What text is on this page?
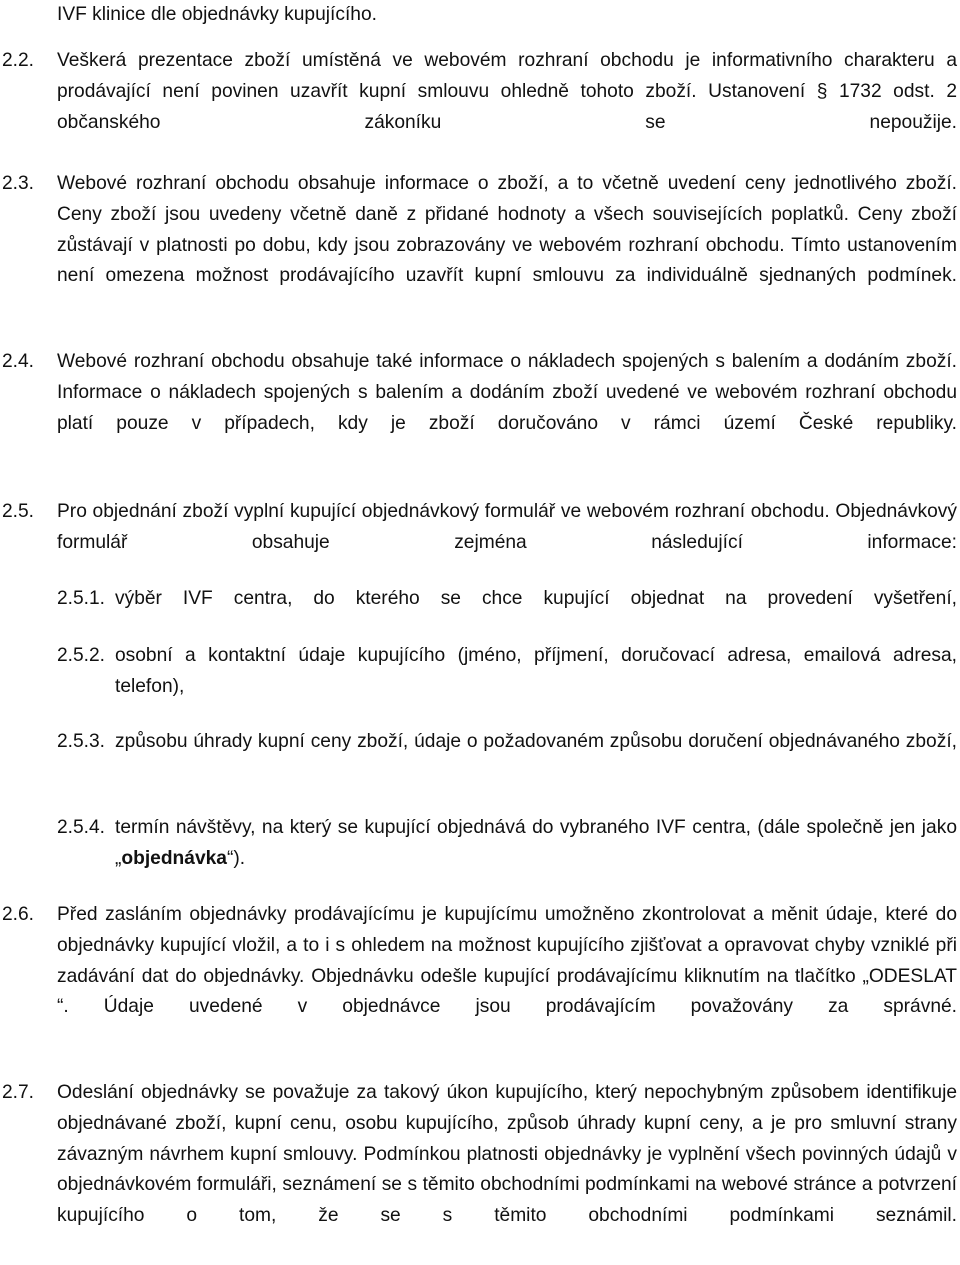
IVF klinice dle objednávky kupujícího.

2.2. Veškerá prezentace zboží umístěná ve webovém rozhraní obchodu je informativního charakteru a prodávající není povinen uzavřít kupní smlouvu ohledně tohoto zboží. Ustanovení § 1732 odst. 2 občanského zákoníku se nepoužije.
2.3. Webové rozhraní obchodu obsahuje informace o zboží, a to včetně uvedení ceny jednotlivého zboží. Ceny zboží jsou uvedeny včetně daně z přidané hodnoty a všech souvisejících poplatků. Ceny zboží zůstávají v platnosti po dobu, kdy jsou zobrazovány ve webovém rozhraní obchodu. Tímto ustanovením není omezena možnost prodávajícího uzavřít kupní smlouvu za individuálně sjednaných podmínek.
2.4. Webové rozhraní obchodu obsahuje také informace o nákladech spojených s balením a dodáním zboží. Informace o nákladech spojených s balením a dodáním zboží uvedené ve webovém rozhraní obchodu platí pouze v případech, kdy je zboží doručováno v rámci území České republiky.
2.5. Pro objednání zboží vyplní kupující objednávkový formulář ve webovém rozhraní obchodu. Objednávkový formulář obsahuje zejména následující informace:
2.5.1. výběr IVF centra, do kterého se chce kupující objednat na provedení vyšetření,
2.5.2. osobní a kontaktní údaje kupujícího (jméno, příjmení, doručovací adresa, emailová adresa, telefon),
2.5.3. způsobu úhrady kupní ceny zboží, údaje o požadovaném způsobu doručení objednávaného zboží,
2.5.4. termín návštěvy, na který se kupující objednává do vybraného IVF centra, (dále společně jen jako „objednávka“).
2.6. Před zasláním objednávky prodávajícímu je kupujícímu umožněno zkontrolovat a měnit údaje, které do objednávky kupující vložil, a to i s ohledem na možnost kupujícího zjišťovat a opravovat chyby vzniklé při zadávání dat do objednávky. Objednávku odešle kupující prodávajícímu kliknutím na tlačítko „ODESLAT “. Údaje uvedené v objednávce jsou prodávajícím považovány za správné.
2.7. Odeslání objednávky se považuje za takový úkon kupujícího, který nepochybným způsobem identifikuje objednávané zboží, kupní cenu, osobu kupujícího, způsob úhrady kupní ceny, a je pro smluvní strany závazným návrhem kupní smlouvy. Podmínkou platnosti objednávky je vyplnění všech povinných údajů v objednávkovém formuláři, seznámení se s těmito obchodními podmínkami na webové stránce a potvrzení kupujícího o tom, že se s těmito obchodními podmínkami seznámil.
